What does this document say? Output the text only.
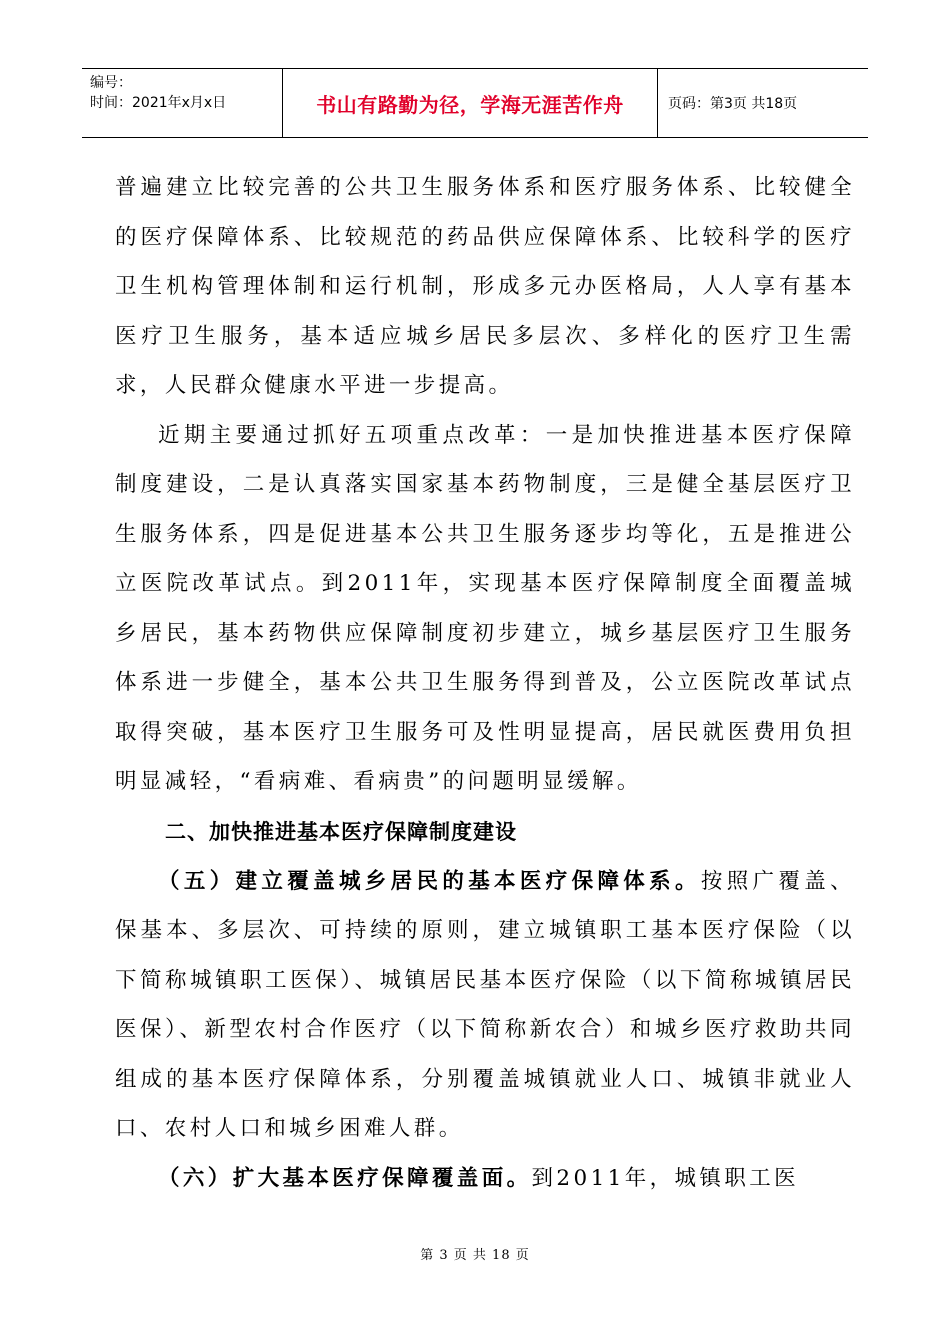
编号：
时间：2021年x月x日	书山有路勤为径，学海无涯苦作舟	页码：第3页 共18页

普遍建立比较完善的公共卫生服务体系和医疗服务体系、比较健全的医疗保障体系、比较规范的药品供应保障体系、比较科学的医疗卫生机构管理体制和运行机制，形成多元办医格局，人人享有基本医疗卫生服务，基本适应城乡居民多层次、多样化的医疗卫生需求，人民群众健康水平进一步提高。

近期主要通过抓好五项重点改革：一是加快推进基本医疗保障制度建设，二是认真落实国家基本药物制度，三是健全基层医疗卫生服务体系，四是促进基本公共卫生服务逐步均等化，五是推进公立医院改革试点。到2011年，实现基本医疗保障制度全面覆盖城乡居民，基本药物供应保障制度初步建立，城乡基层医疗卫生服务体系进一步健全，基本公共卫生服务得到普及，公立医院改革试点取得突破，基本医疗卫生服务可及性明显提高，居民就医费用负担明显减轻，“看病难、看病贵”的问题明显缓解。

二、加快推进基本医疗保障制度建设

（五）建立覆盖城乡居民的基本医疗保障体系。按照广覆盖、保基本、多层次、可持续的原则，建立城镇职工基本医疗保险（以下简称城镇职工医保）、城镇居民基本医疗保险（以下简称城镇居民医保）、新型农村合作医疗（以下简称新农合）和城乡医疗救助共同组成的基本医疗保障体系，分别覆盖城镇就业人口、城镇非就业人口、农村人口和城乡困难人群。

（六）扩大基本医疗保障覆盖面。到2011年，城镇职工医

第 3 页 共 18 页
